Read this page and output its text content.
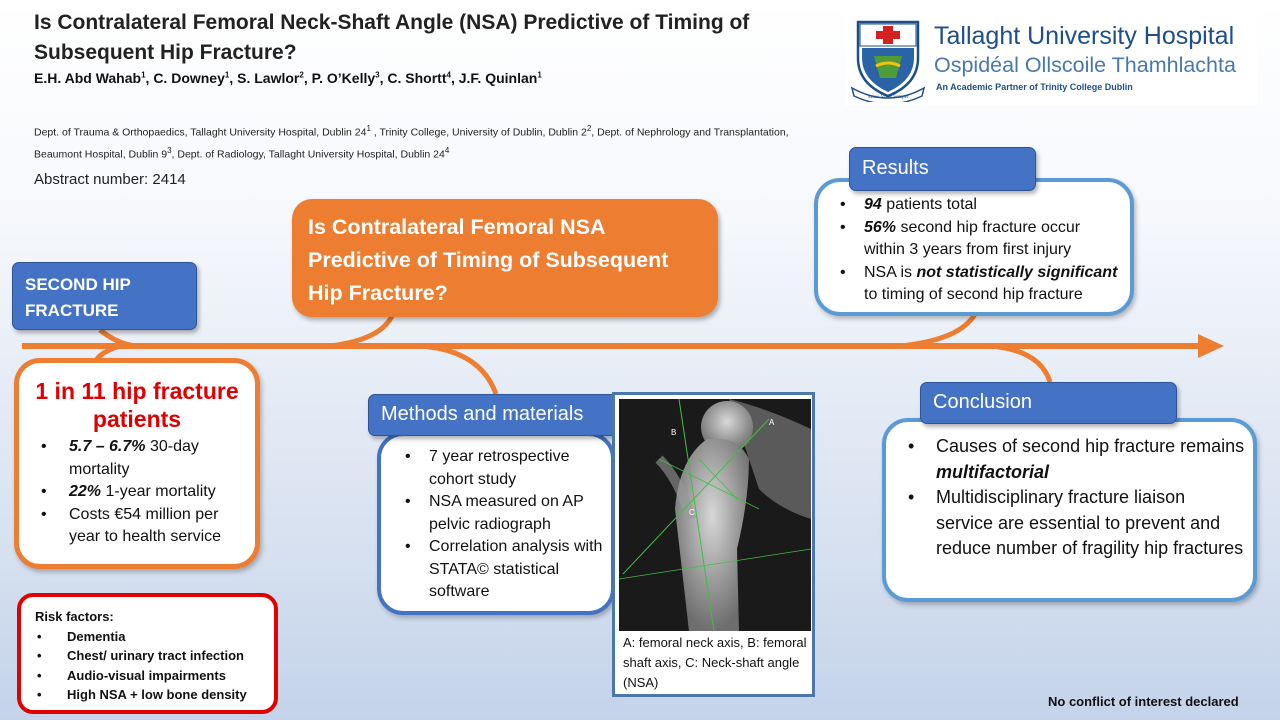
Is Contralateral Femoral Neck-Shaft Angle (NSA) Predictive of Timing of Subsequent Hip Fracture?
E.H. Abd Wahab$^1$, C. Downey$^1$, S. Lawlor$^2$, P. O’Kelly$^3$, C. Shortt$^4$, J.F. Quinlan$^1$
Dept. of Trauma & Orthopaedics, Tallaght University Hospital, Dublin $24^1$ , Trinity College, University of Dublin, Dublin $2^2$, Dept. of Nephrology and Transplantation, Beaumont Hospital, Dublin $9^3$, Dept. of Radiology, Tallaght University Hospital, Dublin $24^4$
Abstract number: 2414
Sanus Vivas Semper
Tallaght University Hospital
Ospidéal Ollscoile Thamhlachta
An Academic Partner of Trinity College Dublin
SECOND HIP FRACTURE
1 in 11 hip fracture patients
• 5.7 – 6.7% 30-day mortality
• 22% 1-year mortality
• Costs €54 million per year to health service
Is Contralateral Femoral NSA Predictive of Timing of Subsequent Hip Fracture?
Risk factors:
• Dementia
• Chest/ urinary tract infection
• Audio-visual impairments
• High NSA + low bone density
• 7 year retrospective cohort study
• NSA measured on AP pelvic radiograph
• Correlation analysis with STATA© statistical software
Methods and materials	A
B
C
A: femoral neck axis, B: femoral shaft axis, C: Neck-shaft angle (NSA)
• 94 patients total
• 56% second hip fracture occur within 3 years from first injury
• NSA is not statistically significant to timing of second hip fracture
Results
• Causes of second hip fracture remains multifactorial
• Multidisciplinary fracture liaison service are essential to prevent and reduce number of fragility hip fractures
Conclusion
No conflict of interest declared
